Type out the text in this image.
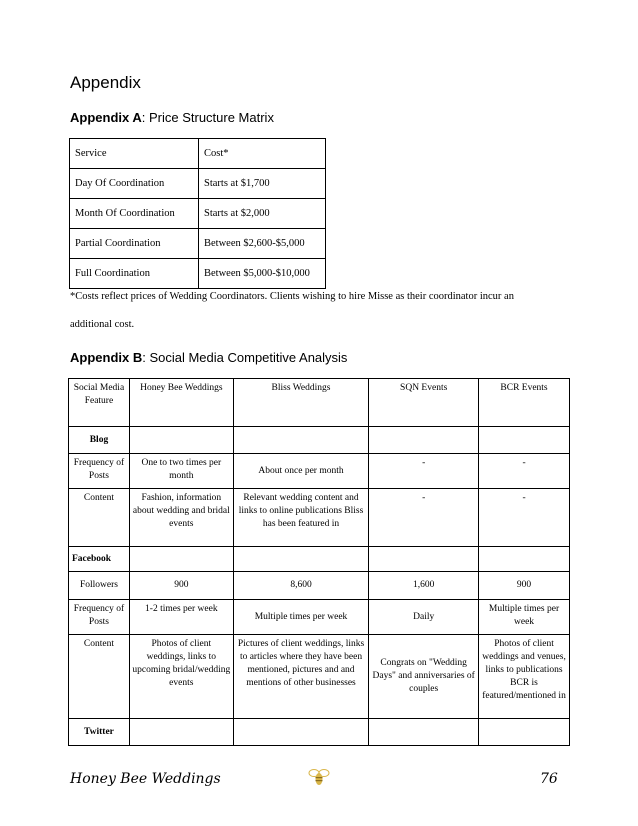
Appendix
Appendix A: Price Structure Matrix
Service	Cost*
Day Of Coordination	Starts at $1,700
Month Of Coordination	Starts at $2,000
Partial Coordination	Between $2,600-$5,000
Full Coordination	Between $5,000-$10,000
*Costs reflect prices of Wedding Coordinators. Clients wishing to hire Misse as their coordinator incur an additional cost.
Appendix B: Social Media Competitive Analysis
Social Media Feature	Honey Bee Weddings	Bliss Weddings	SQN Events	BCR Events
Blog				
Frequency of Posts	One to two times per month	About once per month	-	-
Content	Fashion, information about wedding and bridal events	Relevant wedding content and links to online publications Bliss has been featured in	-	-
Facebook				
Followers	900	8,600	1,600	900
Frequency of Posts	1-2 times per week	Multiple times per week	Daily	Multiple times per week
Content	Photos of client weddings, links to upcoming bridal/wedding events	Pictures of client weddings, links to articles where they have been mentioned, pictures and and mentions of other businesses	Congrats on "Wedding Days" and anniversaries of couples	Photos of client weddings and venues, links to publications BCR is featured/mentioned in
Twitter				
Honey Bee Weddings	76
